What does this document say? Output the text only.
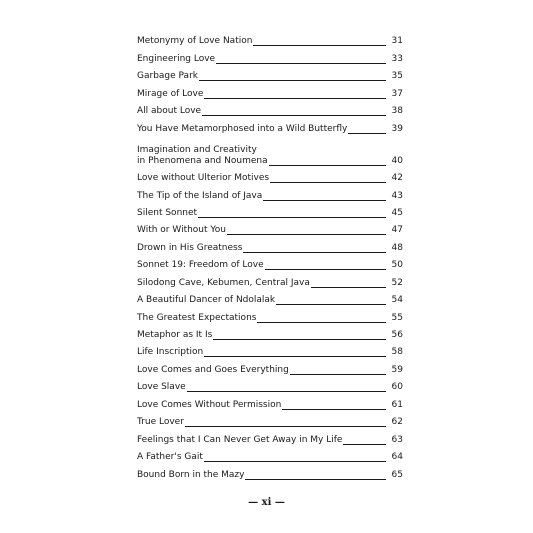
Metonymy of Love Nation	31
Engineering Love	33
Garbage Park	35
Mirage of Love	37
All about Love	38
You Have Metamorphosed into a Wild Butterfly	39
Imagination and Creativity
in Phenomena and Noumena	40
Love without Ulterior Motives	42
The Tip of the Island of Java	43
Silent Sonnet	45
With or Without You	47
Drown in His Greatness	48
Sonnet 19: Freedom of Love	50
Silodong Cave, Kebumen, Central Java	52
A Beautiful Dancer of Ndolalak	54
The Greatest Expectations	55
Metaphor as It Is	56
Life Inscription	58
Love Comes and Goes Everything	59
Love Slave	60
Love Comes Without Permission	61
True Lover	62
Feelings that I Can Never Get Away in My Life	63
A Father's Gait	64
Bound Born in the Mazy	65
— xi —
